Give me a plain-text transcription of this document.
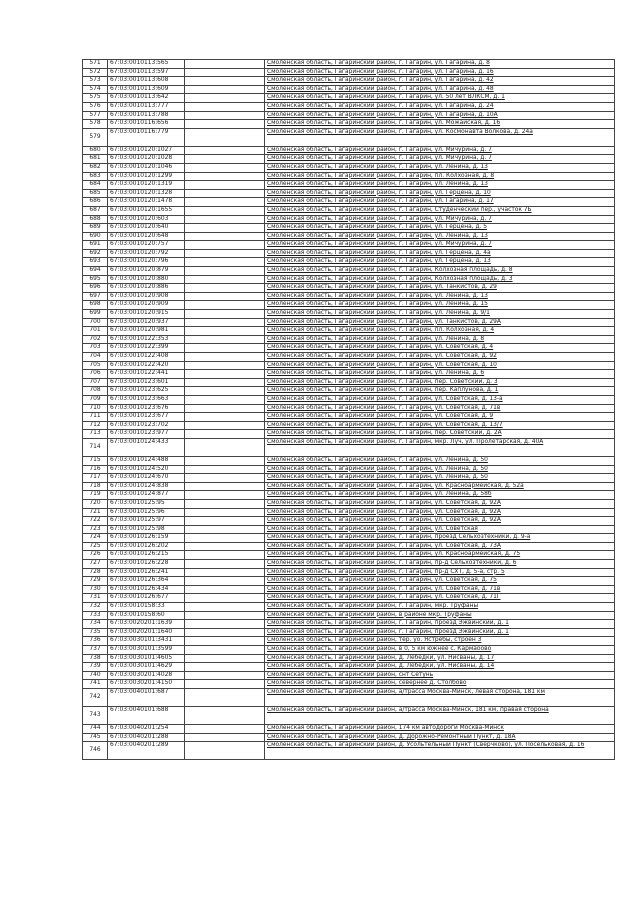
571	67:03:0010113:565		Смоленская область, Гагаринский район, г. Гагарин, ул. Гагарина, д. 8
572	67:03:0010113:597		Смоленская область, Гагаринский район, г. Гагарин, ул. Гагарина, д. 16
573	67:03:0010113:608		Смоленская область, Гагаринский район, г. Гагарин, ул. Гагарина, д. 42
574	67:03:0010113:609		Смоленская область, Гагаринский район, г. Гагарин, ул. Гагарина, д. 48
575	67:03:0010113:642		Смоленская область, Гагаринский район, г. Гагарин, ул. 50 лет ВЛКСМ, д. 1
576	67:03:0010113:777		Смоленская область, Гагаринский район, г. Гагарин, ул. Гагарина, д. 24
577	67:03:0010113:788		Смоленская область, Гагаринский район, г. Гагарин, ул. Гагарина, д. 10А
578	67:03:0010116:656		Смоленская область, Гагаринский район, г. Гагарин, ул. Можайская, д. 16
579	67:03:0010116:779		Смоленская область, Гагаринский район, г. Гагарин, ул. Космонавта Волкова, д. 24а
680	67:03:0010120:1027		Смоленская область, Гагаринский район, г. Гагарин, ул. Мичурина, д. 7
681	67:03:0010120:1028		Смоленская область, Гагаринский район, г. Гагарин, ул. Мичурина, д. 7
682	67:03:0010120:1046		Смоленская область, Гагаринский район, г. Гагарин, ул. Ленина, д. 13
683	67:03:0010120:1299		Смоленская область, Гагаринский район, г. Гагарин, пл. Колхозная, д. 8
684	67:03:0010120:1319		Смоленская область, Гагаринский район, г. Гагарин, ул. Ленина, д. 13
685	67:03:0010120:1328		Смоленская область, Гагаринский район, г. Гагарин, ул. Герцена, д. 10
686	67:03:0010120:1478		Смоленская область, Гагаринский район, г. Гагарин, ул. Гагарина, д. 17
687	67:03:0010120:1655		Смоленская область, Гагаринский район, г. Гагарин, Студенческий пер., участок 7Б
688	67:03:0010120:603		Смоленская область, Гагаринский район, г. Гагарин, ул. Мичурина, д. 7
689	67:03:0010120:640		Смоленская область, Гагаринский район, г. Гагарин, ул. Герцена, д. 5
690	67:03:0010120:648		Смоленская область, Гагаринский район, г. Гагарин, ул. Ленина, д. 13
691	67:03:0010120:757		Смоленская область, Гагаринский район, г. Гагарин, ул. Мичурина, д. 7
692	67:03:0010120:792		Смоленская область, Гагаринский район, г. Гагарин, ул. Герцена, д. 4а
693	67:03:0010120:796		Смоленская область, Гагаринский район, г. Гагарин, ул. Герцена, д. 13
694	67:03:0010120:879		Смоленская область, Гагаринский район, г. Гагарин, Колхозная площадь, д. 8
695	67:03:0010120:880		Смоленская область, Гагаринский район, г. Гагарин, Колхозная площадь, д. 3
696	67:03:0010120:886		Смоленская область, Гагаринский район, г. Гагарин, ул. Танкистов, д. 29
697	67:03:0010120:908		Смоленская область, Гагаринский район, г. Гагарин, ул. Ленина, д. 13
698	67:03:0010120:909		Смоленская область, Гагаринский район, г. Гагарин, ул. Ленина, д. 15
699	67:03:0010120:915		Смоленская область, Гагаринский район, г. Гагарин, ул. Ленина, д. 9/1
700	67:03:0010120:937		Смоленская область, Гагаринский район, г. Гагарин, ул. Танкистов, д. 29А
701	67:03:0010120:981		Смоленская область, Гагаринский район, г. Гагарин, пл. Колхозная, д. 4
702	67:03:0010122:353		Смоленская область, Гагаринский район, г. Гагарин, ул. Ленина, д. 8
703	67:03:0010122:399		Смоленская область, Гагаринский район, г. Гагарин, ул. Советская, д. 4
704	67:03:0010122:408		Смоленская область, Гагаринский район, г. Гагарин, ул. Советская, д. 92
705	67:03:0010122:420		Смоленская область, Гагаринский район, г. Гагарин, ул. Советская, д. 10
706	67:03:0010122:441		Смоленская область, Гагаринский район, г. Гагарин, ул. Ленина, д. 6
707	67:03:0010123:601		Смоленская область, Гагаринский район, г. Гагарин, пер. Советский, д. 3
708	67:03:0010123:625		Смоленская область, Гагаринский район, г. Гагарин, пер. Каплунова, д. 1
709	67:03:0010123:663		Смоленская область, Гагаринский район, г. Гагарин, ул. Советская, д. 13-а
710	67:03:0010123:676		Смоленская область, Гагаринский район, г. Гагарин, ул. Советская, д. 71в
711	67:03:0010123:677		Смоленская область, Гагаринский район, г. Гагарин, ул. Советская, д. 9
712	67:03:0010123:702		Смоленская область, Гагаринский район, г. Гагарин, ул. Советская, д. 13/7
713	67:03:0010123:977		Смоленская область, Гагаринский район, г. Гагарин, пер. Советский, д. 2А
714	67:03:0010124:433		Смоленская область, Гагаринский район, г. Гагарин, мкр. Луч, ул. Пролетарская, д. 40А
715	67:03:0010124:488		Смоленская область, Гагаринский район, г. Гагарин, ул. Ленина, д. 50
716	67:03:0010124:520		Смоленская область, Гагаринский район, г. Гагарин, ул. Ленина, д. 50
717	67:03:0010124:670		Смоленская область, Гагаринский район, г. Гагарин, ул. Ленина, д. 50
718	67:03:0010124:838		Смоленская область, Гагаринский район, г. Гагарин, ул. Красноармейская, д. 52а
719	67:03:0010124:877		Смоленская область, Гагаринский район, г. Гагарин, ул. Ленина, д. 58б
720	67:03:0010125:95		Смоленская область, Гагаринский район, г. Гагарин, ул. Советская, д. 92А
721	67:03:0010125:96		Смоленская область, Гагаринский район, г. Гагарин, ул. Советская, д. 92А
722	67:03:0010125:97		Смоленская область, Гагаринский район, г. Гагарин, ул. Советская, д. 92А
723	67:03:0010125:98		Смоленская область, Гагаринский район, г. Гагарин, ул. Советская
724	67:03:0010126:159		Смоленская область, Гагаринский район, г. Гагарин, проезд Сельхозтехники, д. 9-а
725	67:03:0010126:202		Смоленская область, Гагаринский район, г. Гагарин, ул. Советская, д. 73А
726	67:03:0010126:215		Смоленская область, Гагаринский район, г. Гагарин, ул. Красноармейская, д. 75
727	67:03:0010126:228		Смоленская область, Гагаринский район, г. Гагарин, пр-д Сельхозтехники, д. 6
728	67:03:0010126:241		Смоленская область, Гагаринский район, г. Гагарин, пр-д СХТ, д. 5-а, стр. 5
729	67:03:0010126:364		Смоленская область, Гагаринский район, г. Гагарин, ул. Советская, д. 75
730	67:03:0010126:434		Смоленская область, Гагаринский район, г. Гагарин, ул. Советская, д. 71в
731	67:03:0010126:677		Смоленская область, Гагаринский район, г. Гагарин, ул. Советская, д. 71Г
732	67:03:0010158:33		Смоленская область, Гагаринский район, г. Гагарин, мкр. Труфаны
733	67:03:0010158:60		Смоленская область, Гагаринский район, в районе мкр. Труфаны
734	67:03:0020201:1639		Смоленская область, Гагаринский район, г. Гагарин, проезд Эжвинский, д. 1
735	67:03:0020201:1640		Смоленская область, Гагаринский район, г. Гагарин, проезд Эжвинский, д. 1
736	67:03:0030101:3431		Смоленская область, Гагаринский район, тер. уо. Ястребы, строен 3
737	67:03:0030101:3599		Смоленская область, Гагаринский район, в 0, 5 км южнее с. Кармаоово
738	67:03:0030101:4605		Смоленская область, Гагаринский район, д. Лебедки, ул. Нисваны, д. 17
739	67:03:0030101:4629		Смоленская область, Гагаринский район, д. Лебедки, ул. Нисваны, д. 14
740	67:03:0030201:4028		Смоленская область, Гагаринский район, снт Сетунь
741	67:03:0030201:4150		Смоленская область, Гагаринский район, севернее д. Столбово
742	67:03:0040101:687		Смоленская область, Гагаринский район, а/трасса Москва-Минск, левая сторона, 181 км
743	67:03:0040101:688		Смоленская область, Гагаринский район, а/трасса Москва-Минск, 181 км, правая сторона
744	67:03:0040201:254		Смоленская область, Гагаринский район, 174 км автодороги Москва-Минск
745	67:03:0040201:288		Смоленская область, Гагаринский район, д. Дорожно-Ремонтный Пункт, д. 18А
746	67:03:0040201:289		Смоленская область, Гагаринский район, д. Усольтельный Пункт (Сверчково), ул. Посельковая, д. 16
